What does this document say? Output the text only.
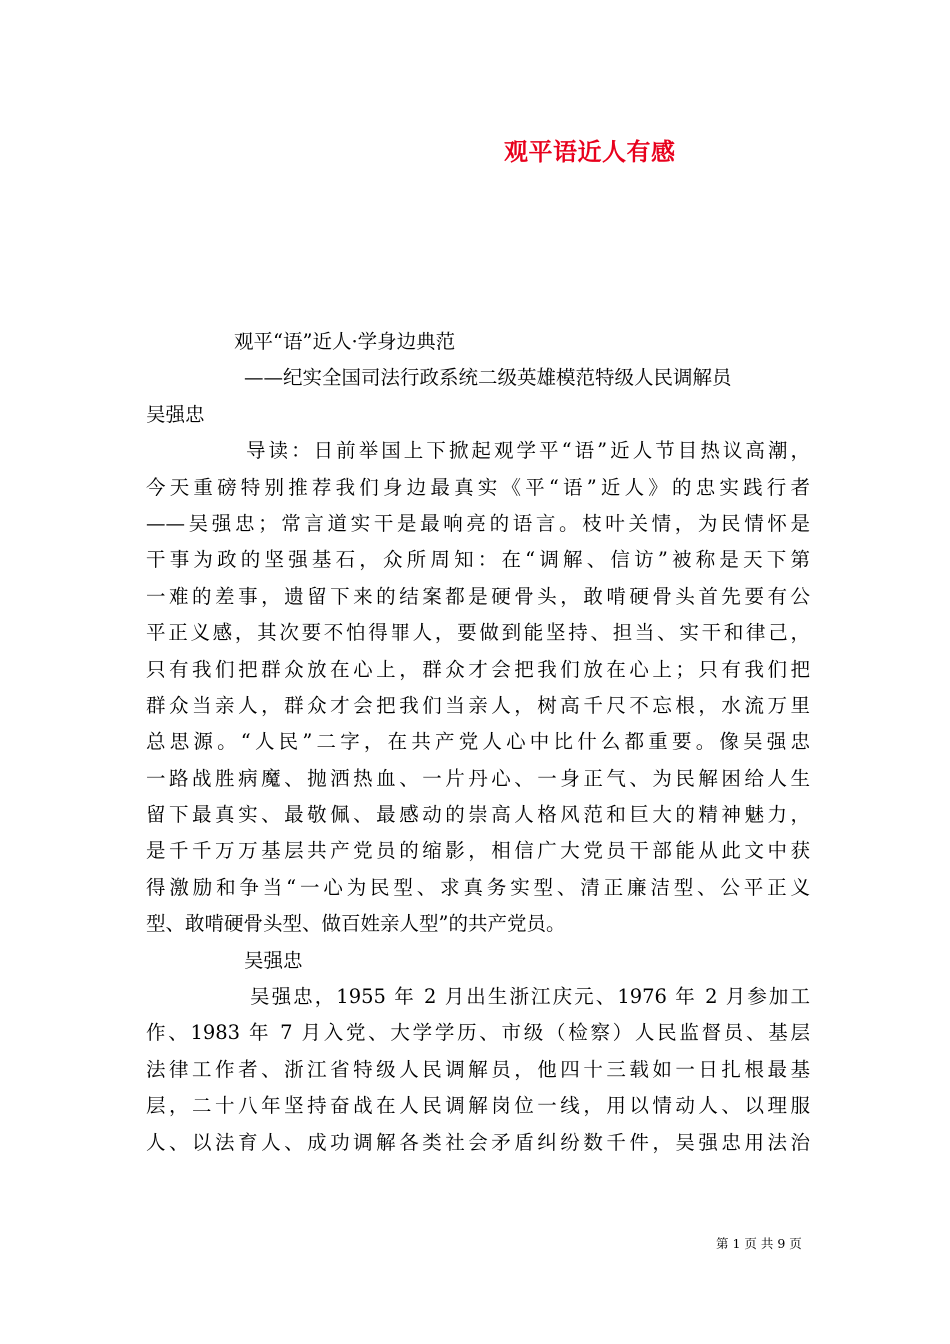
观平语近人有感
观平“语”近人·学身边典范
——纪实全国司法行政系统二级英雄模范特级人民调解员
吴强忠
导读：日前举国上下掀起观学平“语”近人节目热议高潮，
今天重磅特别推荐我们身边最真实《平“语”近人》的忠实践行者
——吴强忠；常言道实干是最响亮的语言。枝叶关情，为民情怀是
干事为政的坚强基石，众所周知：在“调解、信访”被称是天下第
一难的差事，遗留下来的结案都是硬骨头，敢啃硬骨头首先要有公
平正义感，其次要不怕得罪人，要做到能坚持、担当、实干和律己，
只有我们把群众放在心上，群众才会把我们放在心上；只有我们把
群众当亲人，群众才会把我们当亲人，树高千尺不忘根，水流万里
总思源。“人民”二字，在共产党人心中比什么都重要。像吴强忠
一路战胜病魔、抛洒热血、一片丹心、一身正气、为民解困给人生
留下最真实、最敬佩、最感动的崇高人格风范和巨大的精神魅力，
是千千万万基层共产党员的缩影，相信广大党员干部能从此文中获
得激励和争当“一心为民型、求真务实型、清正廉洁型、公平正义
型、敢啃硬骨头型、做百姓亲人型”的共产党员。
吴强忠
吴强忠，1955 年 2 月出生浙江庆元、1976 年 2 月参加工
作、1983 年 7 月入党、大学学历、市级（检察）人民监督员、基层
法律工作者、浙江省特级人民调解员，他四十三载如一日扎根最基
层，二十八年坚持奋战在人民调解岗位一线，用以情动人、以理服
人、以法育人、成功调解各类社会矛盾纠纷数千件，吴强忠用法治
第 1 页 共 9 页
